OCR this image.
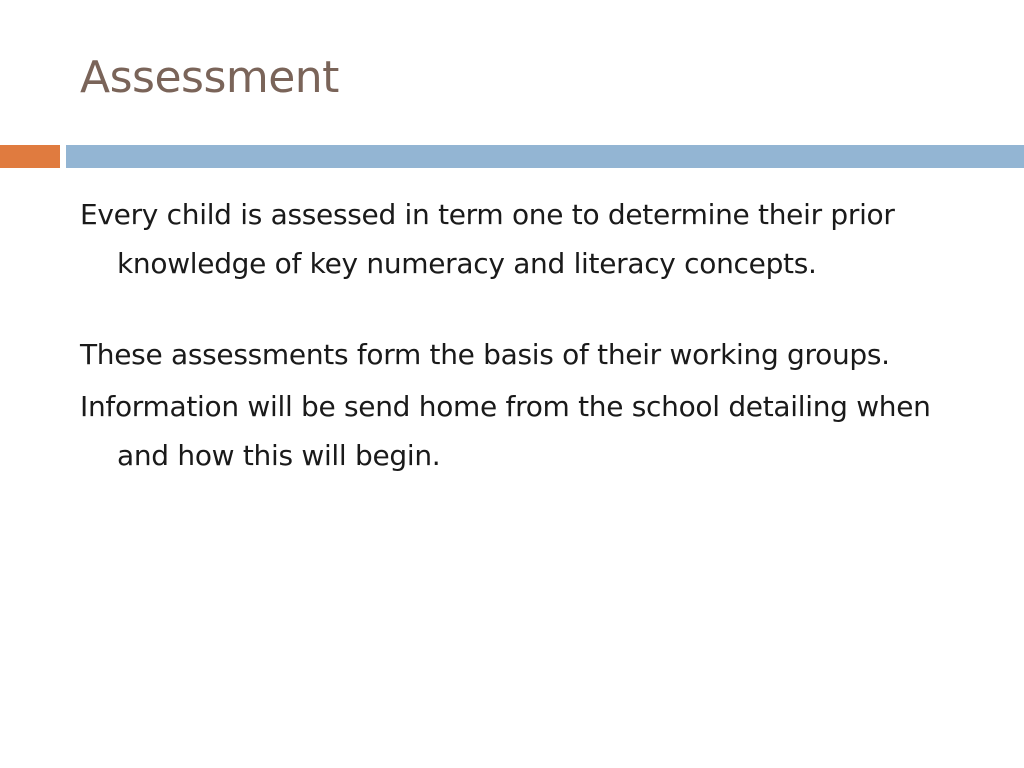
Assessment

Every child is assessed in term one to determine their prior knowledge of key numeracy and literacy concepts.

These assessments form the basis of their working groups.

Information will be send home from the school detailing when and how this will begin.
